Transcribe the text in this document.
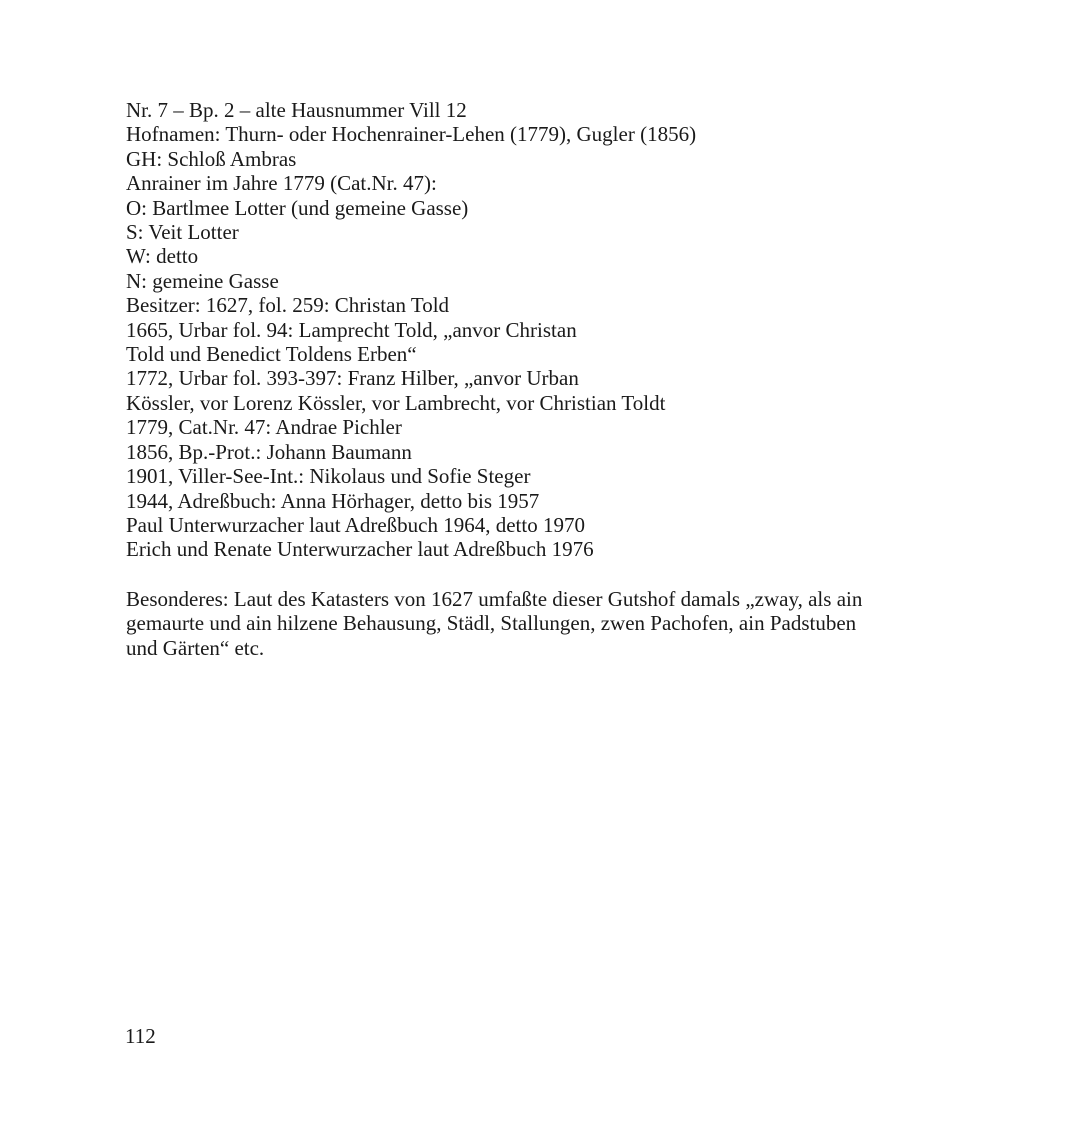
Nr. 7 – Bp. 2 – alte Hausnummer Vill 12
Hofnamen: Thurn- oder Hochenrainer-Lehen (1779), Gugler (1856)
GH: Schloß Ambras
Anrainer im Jahre 1779 (Cat.Nr. 47):
O: Bartlmee Lotter (und gemeine Gasse)
S: Veit Lotter
W: detto
N: gemeine Gasse
Besitzer: 1627, fol. 259: Christan Told
1665, Urbar fol. 94: Lamprecht Told, „anvor Christan
Told und Benedict Toldens Erben“
1772, Urbar fol. 393-397: Franz Hilber, „anvor Urban
Kössler, vor Lorenz Kössler, vor Lambrecht, vor Christian Toldt
1779, Cat.Nr. 47: Andrae Pichler
1856, Bp.-Prot.: Johann Baumann
1901, Viller-See-Int.: Nikolaus und Sofie Steger
1944, Adreßbuch: Anna Hörhager, detto bis 1957
Paul Unterwurzacher laut Adreßbuch 1964, detto 1970
Erich und Renate Unterwurzacher laut Adreßbuch 1976

Besonderes: Laut des Katasters von 1627 umfaßte dieser Gutshof damals „zway, als ain
gemaurte und ain hilzene Behausung, Städl, Stallungen, zwen Pachofen, ain Padstuben
und Gärten“ etc.

112
